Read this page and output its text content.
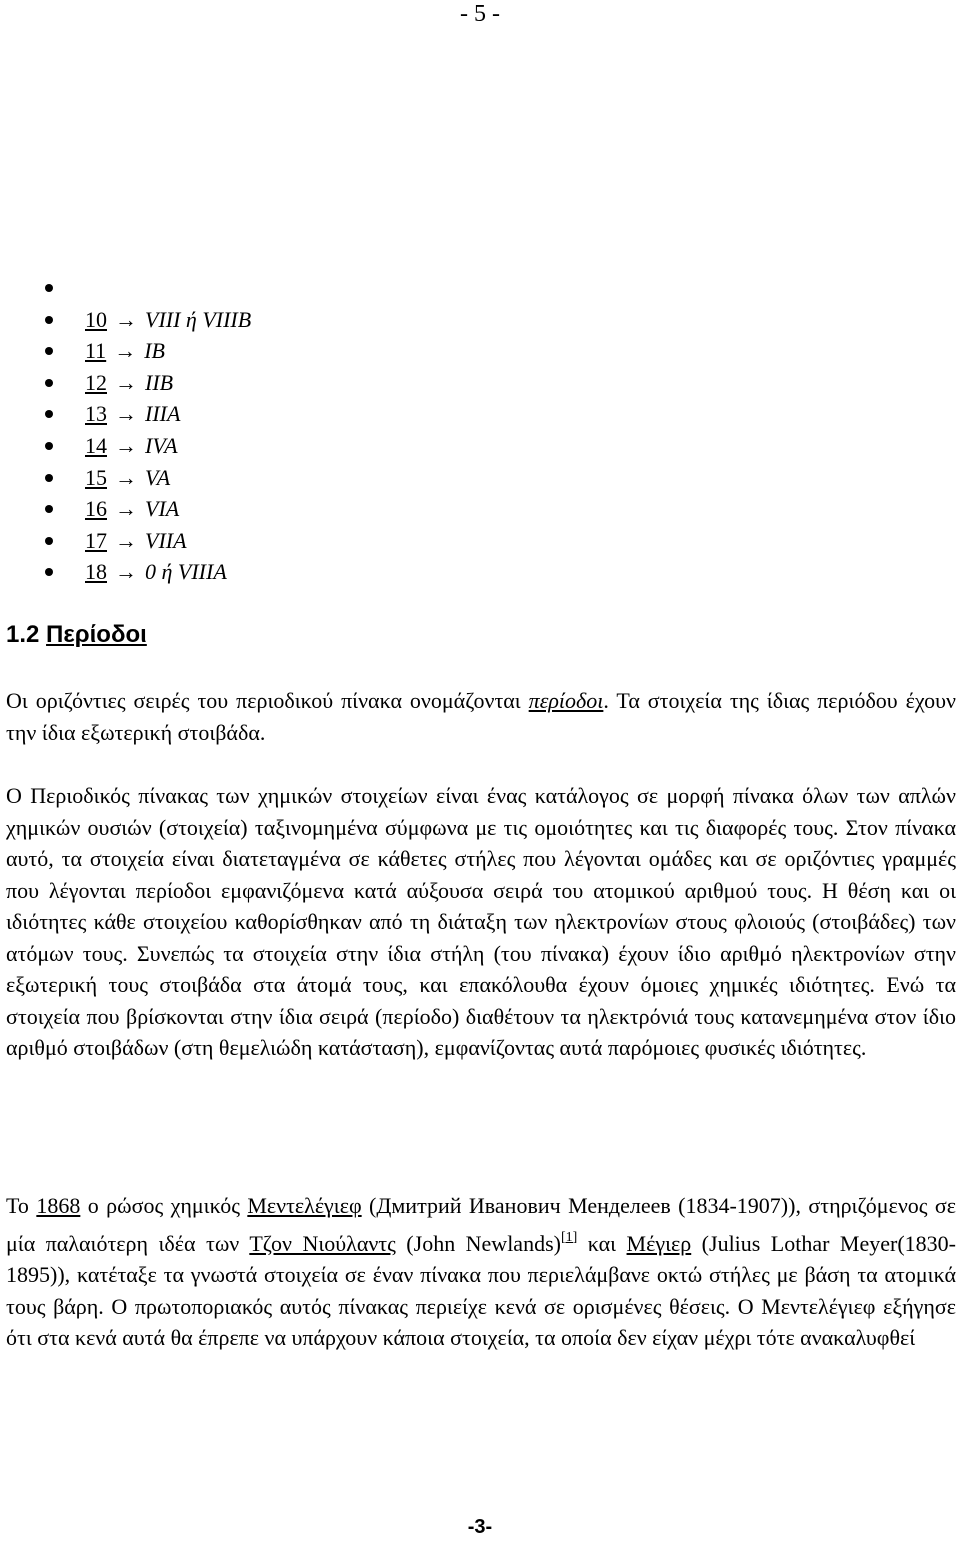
- 5 -
10 → VIII ή VIIIB
11 → IB
12 → IIB
13 → IIIA
14 → IVA
15 → VA
16 → VIA
17 → VIIA
18 → 0 ή VIIIA
1.2 Περίοδοι

Οι οριζόντιες σειρές του περιοδικού πίνακα ονομάζονται περίοδοι. Τα στοιχεία της ίδιας περιόδου έχουν την ίδια εξωτερική στοιβάδα.

Ο Περιοδικός πίνακας των χημικών στοιχείων είναι ένας κατάλογος σε μορφή πίνακα όλων των απλών χημικών ουσιών (στοιχεία) ταξινομημένα σύμφωνα με τις ομοιότητες και τις διαφορές τους. Στον πίνακα αυτό, τα στοιχεία είναι διατεταγμένα σε κάθετες στήλες που λέγονται ομάδες και σε οριζόντιες γραμμές που λέγονται περίοδοι εμφανιζόμενα κατά αύξουσα σειρά του ατομικού αριθμού τους. Η θέση και οι ιδιότητες κάθε στοιχείου καθορίσθηκαν από τη διάταξη των ηλεκτρονίων στους φλοιούς (στοιβάδες) των ατόμων τους. Συνεπώς τα στοιχεία στην ίδια στήλη (του πίνακα) έχουν ίδιο αριθμό ηλεκτρονίων στην εξωτερική τους στοιβάδα στα άτομά τους, και επακόλουθα έχουν όμοιες χημικές ιδιότητες. Ενώ τα στοιχεία που βρίσκονται στην ίδια σειρά (περίοδο) διαθέτουν τα ηλεκτρόνιά τους κατανεμημένα στον ίδιο αριθμό στοιβάδων (στη θεμελιώδη κατάσταση), εμφανίζοντας αυτά παρόμοιες φυσικές ιδιότητες.

Το 1868 ο ρώσος χημικός Μεντελέγιεφ (Дмитрий Иванович Менделеев (1834-1907)), στηριζόμενος σε μία παλαιότερη ιδέα των Τζον Νιούλαντς (John Newlands)[1] και Μέγιερ (Julius Lothar Meyer(1830-1895)), κατέταξε τα γνωστά στοιχεία σε έναν πίνακα που περιελάμβανε οκτώ στήλες με βάση τα ατομικά τους βάρη. Ο πρωτοποριακός αυτός πίνακας περιείχε κενά σε ορισμένες θέσεις. Ο Μεντελέγιεφ εξήγησε ότι στα κενά αυτά θα έπρεπε να υπάρχουν κάποια στοιχεία, τα οποία δεν είχαν μέχρι τότε ανακαλυφθεί

-3-
